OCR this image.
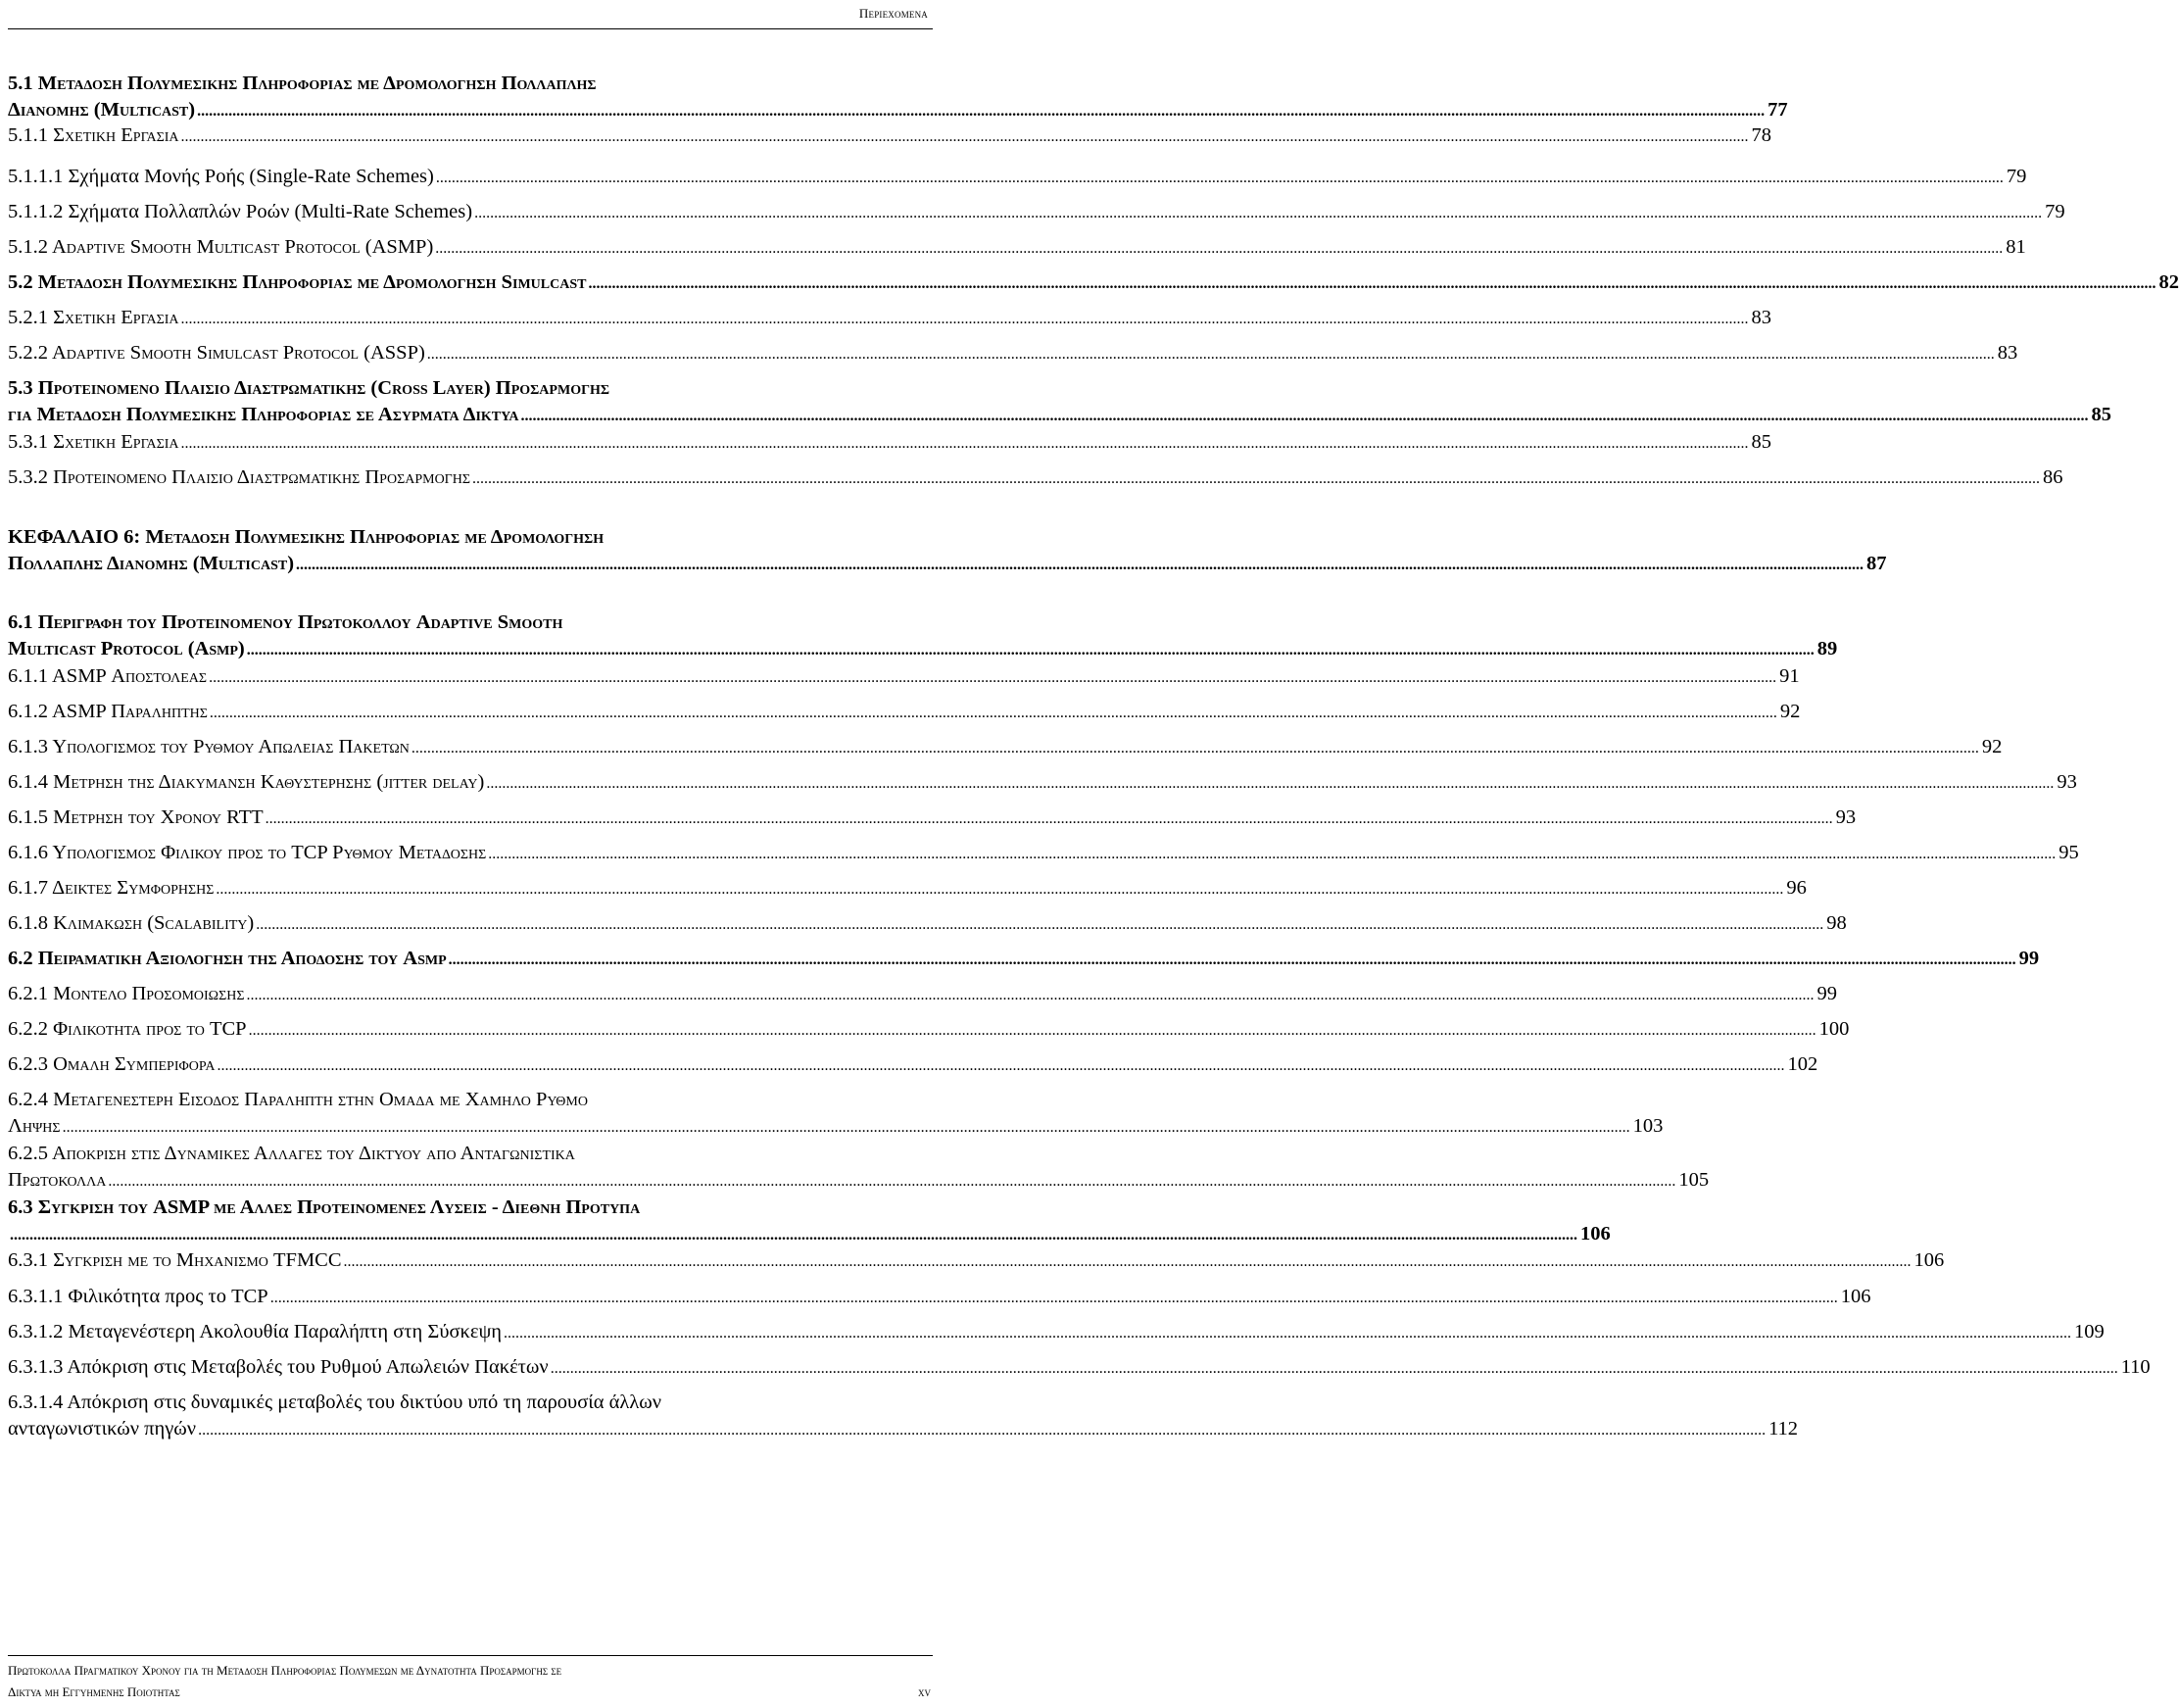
Περιεχομενα
5.1 Μεταδοση Πολυμεσικης Πληροφοριας με Δρομολογηση Πολλαπλης
Διανομης (Multicast) ................................................................................................................................................................................................................................................................................................................................................................................................................ 77
5.1.1 Σχετικη Εργασια ................................................................................................................................................................................................................................................................................................................................................................................................................ 78
5.1.1.1 Σχήματα Μονής Ροής (Single-Rate Schemes) ................................................................................................................................................................................................................................................................................................................................................................................................................ 79
5.1.1.2 Σχήματα Πολλαπλών Ροών (Multi-Rate Schemes) ................................................................................................................................................................................................................................................................................................................................................................................................................ 79
5.1.2 Adaptive Smooth Multicast Protocol (ASMP) ................................................................................................................................................................................................................................................................................................................................................................................................................ 81
5.2 Μεταδοση Πολυμεσικης Πληροφοριας με Δρομολογηση Simulcast ................................................................................................................................................................................................................................................................................................................................................................................................................ 82
5.2.1 Σχετικη Εργασια ................................................................................................................................................................................................................................................................................................................................................................................................................ 83
5.2.2 Adaptive Smooth Simulcast Protocol (ASSP) ................................................................................................................................................................................................................................................................................................................................................................................................................ 83
5.3 Προτεινομενο Πλαισιο Διαστρωματικης (Cross Layer) Προσαρμογης
για Μεταδοση Πολυμεσικης Πληροφοριας σε Ασυρματα Δικτυα ................................................................................................................................................................................................................................................................................................................................................................................................................ 85
5.3.1 Σχετικη Εργασια ................................................................................................................................................................................................................................................................................................................................................................................................................ 85
5.3.2 Προτεινομενο Πλαισιο Διαστρωματικης Προσαρμογης ................................................................................................................................................................................................................................................................................................................................................................................................................ 86
ΚΕΦΑΛΑΙΟ 6: Μεταδοση Πολυμεσικης Πληροφοριας με Δρομολογηση
Πολλαπλης Διανομης (Multicast) ................................................................................................................................................................................................................................................................................................................................................................................................................ 87
6.1 Περιγραφη του Προτεινομενου Πρωτοκολλου Adaptive Smooth
Multicast Protocol (Asmp) ................................................................................................................................................................................................................................................................................................................................................................................................................ 89
6.1.1 ASMP Αποστολεας ................................................................................................................................................................................................................................................................................................................................................................................................................ 91
6.1.2 ASMP Παραληπτης ................................................................................................................................................................................................................................................................................................................................................................................................................ 92
6.1.3 Υπολογισμος του Ρυθμου Απωλειας Πακετων ................................................................................................................................................................................................................................................................................................................................................................................................................ 92
6.1.4 Μετρηση της Διακυμανση Καθυστερησης (jitter delay) ................................................................................................................................................................................................................................................................................................................................................................................................................ 93
6.1.5 Μετρηση του Χρονου RTT ................................................................................................................................................................................................................................................................................................................................................................................................................ 93
6.1.6 Υπολογισμος Φιλικου προς το TCP Ρυθμου Μεταδοσης ................................................................................................................................................................................................................................................................................................................................................................................................................ 95
6.1.7 Δεικτες Συμφορησης ................................................................................................................................................................................................................................................................................................................................................................................................................ 96
6.1.8 Κλιμακωση (Scalability) ................................................................................................................................................................................................................................................................................................................................................................................................................ 98
6.2 Πειραματικη Αξιολογηση της Αποδοσης του Asmp ................................................................................................................................................................................................................................................................................................................................................................................................................ 99
6.2.1 Μοντελο Προσομοιωσης ................................................................................................................................................................................................................................................................................................................................................................................................................ 99
6.2.2 Φιλικοτητα προς το TCP ................................................................................................................................................................................................................................................................................................................................................................................................................ 100
6.2.3 Ομαλη Συμπεριφορα ................................................................................................................................................................................................................................................................................................................................................................................................................ 102
6.2.4 Μεταγενεστερη Εισοδος Παραληπτη στην Ομαδα με Χαμηλο Ρυθμο
Ληψης ................................................................................................................................................................................................................................................................................................................................................................................................................ 103
6.2.5 Αποκριση στις Δυναμικες Αλλαγες του Δικτυου απο Ανταγωνιστικα
Πρωτοκολλα ................................................................................................................................................................................................................................................................................................................................................................................................................ 105
6.3 Συγκριση του ASMP με Αλλες Προτεινομενες Λυσεις - Διεθνη Προτυπα
................................................................................................................................................................................................................................................................................................................................................................................................................ 106
6.3.1 Συγκριση με το Μηχανισμο TFMCC ................................................................................................................................................................................................................................................................................................................................................................................................................ 106
6.3.1.1 Φιλικότητα προς το TCP ................................................................................................................................................................................................................................................................................................................................................................................................................ 106
6.3.1.2 Μεταγενέστερη Ακολουθία Παραλήπτη στη Σύσκεψη ................................................................................................................................................................................................................................................................................................................................................................................................................ 109
6.3.1.3 Απόκριση στις Μεταβολές του Ρυθμού Απωλειών Πακέτων ................................................................................................................................................................................................................................................................................................................................................................................................................ 110
6.3.1.4 Απόκριση στις δυναμικές μεταβολές του δικτύου υπό τη παρουσία άλλων
ανταγωνιστικών πηγών ................................................................................................................................................................................................................................................................................................................................................................................................................ 112
Πρωτοκολλα Πραγματικου Χρονου για τη Μεταδοση Πληροφοριας Πολυμεσων με Δυνατοτητα Προσαρμογης σε
Δικτυα μη Εγγυημενης Ποιοτητας	xv
